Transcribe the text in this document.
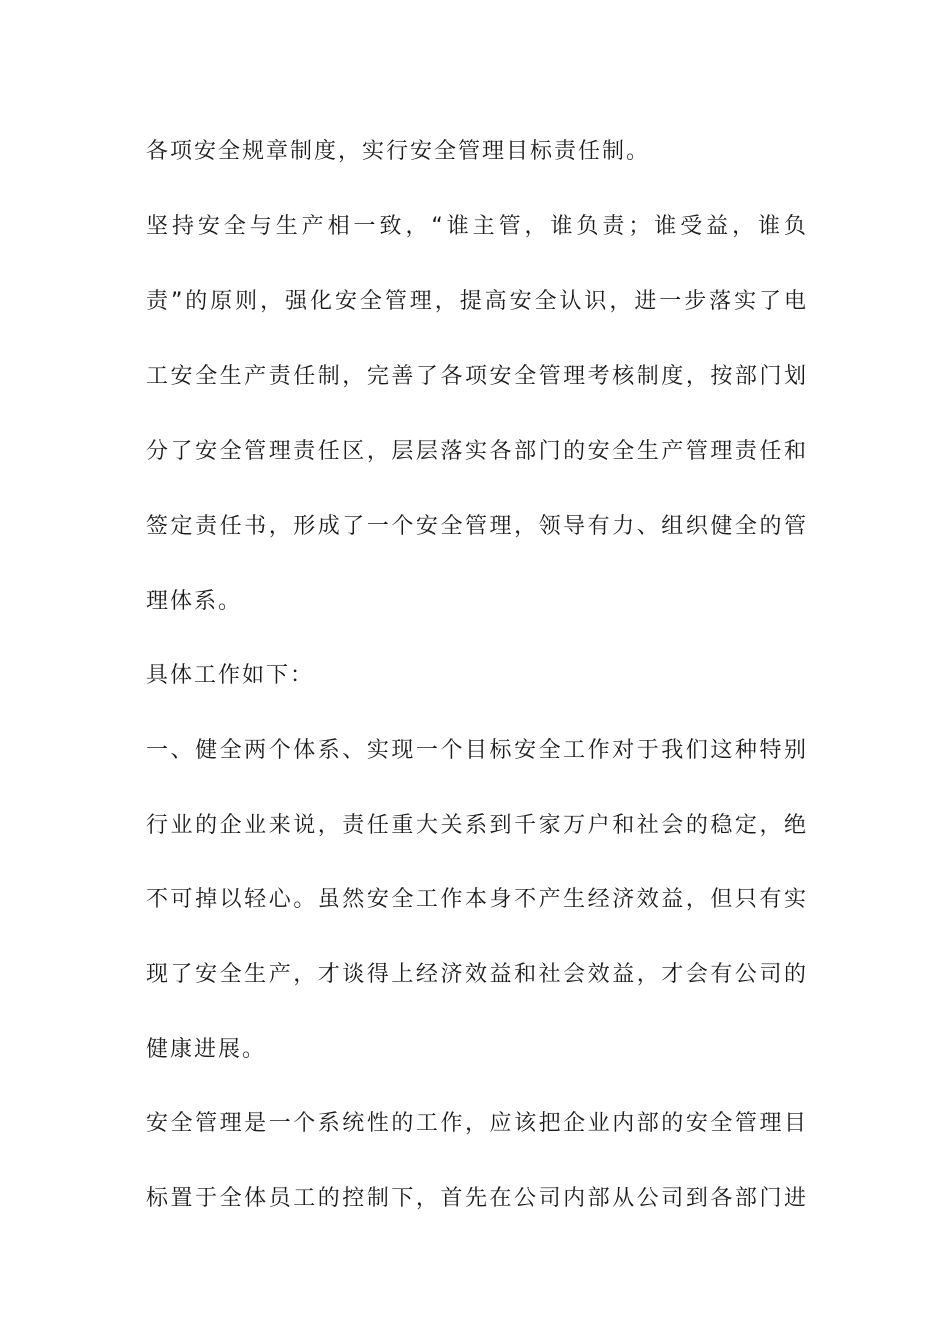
各项安全规章制度，实行安全管理目标责任制。

坚持安全与生产相一致，“谁主管，谁负责；谁受益，谁负

责”的原则，强化安全管理，提高安全认识，进一步落实了电

工安全生产责任制，完善了各项安全管理考核制度，按部门划

分了安全管理责任区，层层落实各部门的安全生产管理责任和

签定责任书，形成了一个安全管理，领导有力、组织健全的管

理体系。

具体工作如下：

一、健全两个体系、实现一个目标安全工作对于我们这种特别

行业的企业来说，责任重大关系到千家万户和社会的稳定，绝

不可掉以轻心。虽然安全工作本身不产生经济效益，但只有实

现了安全生产，才谈得上经济效益和社会效益，才会有公司的

健康进展。

安全管理是一个系统性的工作，应该把企业内部的安全管理目

标置于全体员工的控制下，首先在公司内部从公司到各部门进
